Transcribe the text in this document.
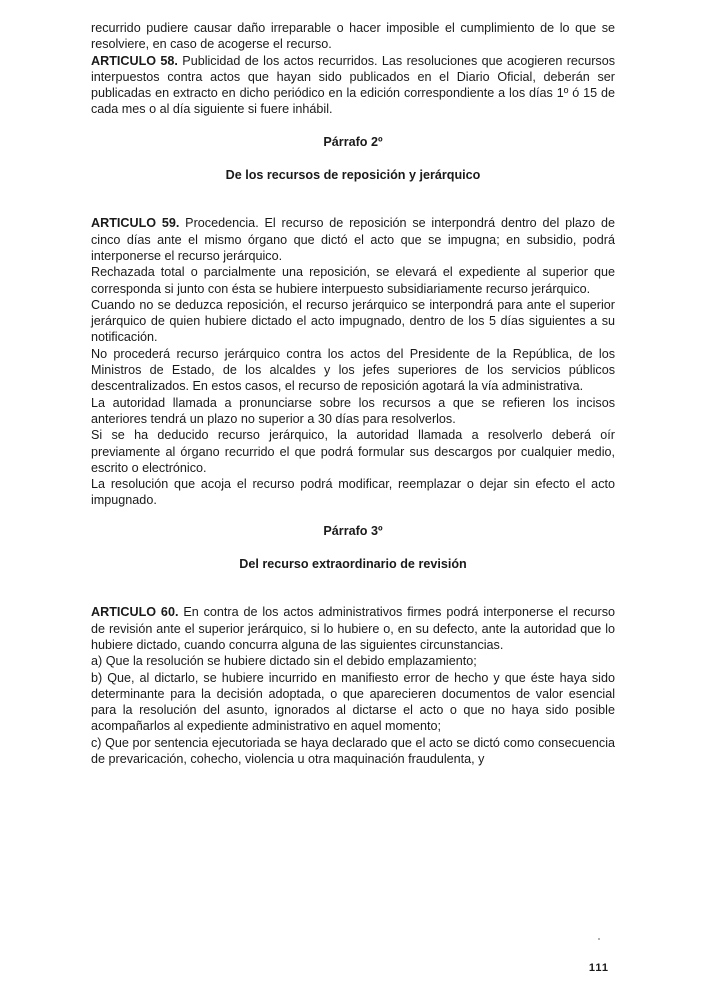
recurrido pudiere causar daño irreparable o hacer imposible el cumplimiento de lo que se resolviere, en caso de acogerse el recurso.

ARTICULO 58. Publicidad de los actos recurridos. Las resoluciones que acogieren recursos interpuestos contra actos que hayan sido publicados en el Diario Oficial, deberán ser publicadas en extracto en dicho periódico en la edición correspondiente a los días 1º ó 15 de cada mes o al día siguiente si fuere inhábil.

Párrafo 2º

De los recursos de reposición y jerárquico

ARTICULO 59. Procedencia. El recurso de reposición se interpondrá dentro del plazo de cinco días ante el mismo órgano que dictó el acto que se impugna; en subsidio, podrá interponerse el recurso jerárquico.

Rechazada total o parcialmente una reposición, se elevará el expediente al superior que corresponda si junto con ésta se hubiere interpuesto subsidiariamente recurso jerárquico.

Cuando no se deduzca reposición, el recurso jerárquico se interpondrá para ante el superior jerárquico de quien hubiere dictado el acto impugnado, dentro de los 5 días siguientes a su notificación.

No procederá recurso jerárquico contra los actos del Presidente de la República, de los Ministros de Estado, de los alcaldes y los jefes superiores de los servicios públicos descentralizados. En estos casos, el recurso de reposición agotará la vía administrativa.

La autoridad llamada a pronunciarse sobre los recursos a que se refieren los incisos anteriores tendrá un plazo no superior a 30 días para resolverlos.

Si se ha deducido recurso jerárquico, la autoridad llamada a resolverlo deberá oír previamente al órgano recurrido el que podrá formular sus descargos por cualquier medio, escrito o electrónico.

La resolución que acoja el recurso podrá modificar, reemplazar o dejar sin efecto el acto impugnado.

Párrafo 3º

Del recurso extraordinario de revisión

ARTICULO 60. En contra de los actos administrativos firmes podrá interponerse el recurso de revisión ante el superior jerárquico, si lo hubiere o, en su defecto, ante la autoridad que lo hubiere dictado, cuando concurra alguna de las siguientes circunstancias.

a) Que la resolución se hubiere dictado sin el debido emplazamiento;

b) Que, al dictarlo, se hubiere incurrido en manifiesto error de hecho y que éste haya sido determinante para la decisión adoptada, o que aparecieren documentos de valor esencial para la resolución del asunto, ignorados al dictarse el acto o que no haya sido posible acompañarlos al expediente administrativo en aquel momento;

c) Que por sentencia ejecutoriada se haya declarado que el acto se dictó como consecuencia de prevaricación, cohecho, violencia u otra maquinación fraudulenta, y

111
